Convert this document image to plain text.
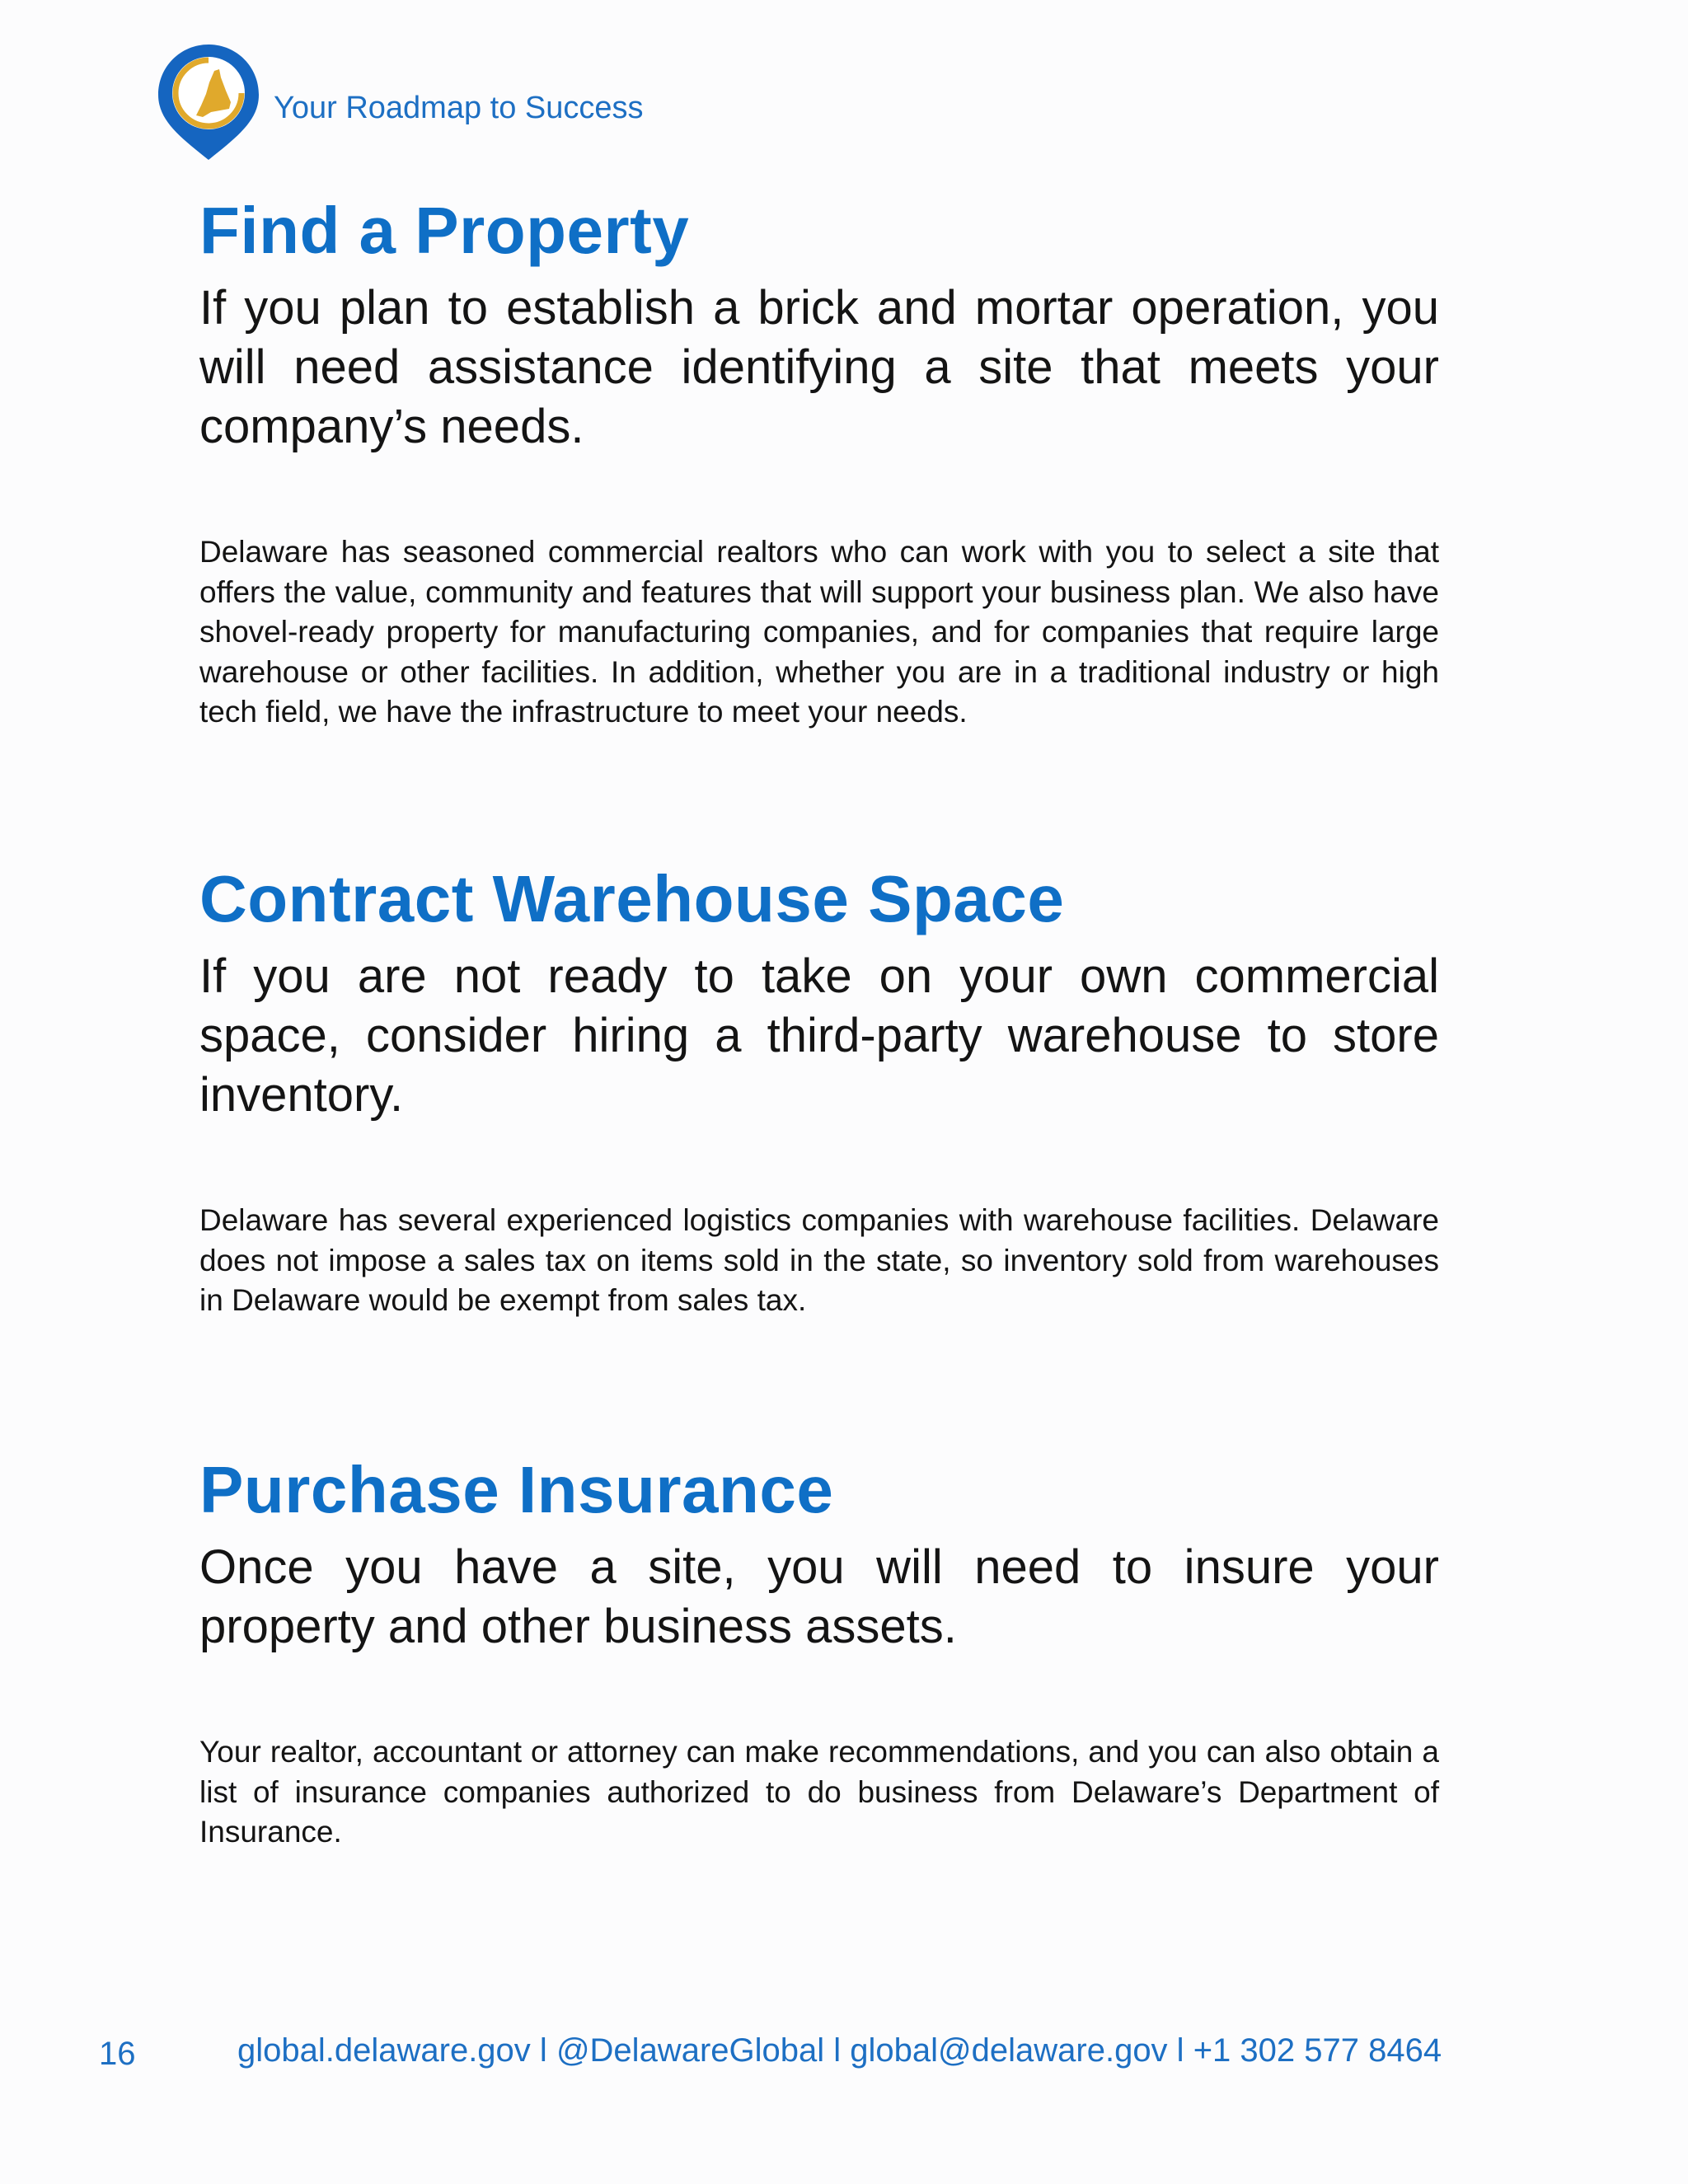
Your Roadmap to Success
Find a Property

If you plan to establish a brick and mortar operation, you will need assistance identifying a site that meets your company’s needs.

Delaware has seasoned commercial realtors who can work with you to select a site that offers the value, community and features that will support your business plan. We also have shovel-ready property for manufacturing companies, and for companies that require large warehouse or other facilities. In addition, whether you are in a traditional industry or high tech field, we have the infrastructure to meet your needs.

Contract Warehouse Space

If you are not ready to take on your own commercial space, consider hiring a third-party warehouse to store inventory.

Delaware has several experienced logistics companies with warehouse facilities. Delaware does not impose a sales tax on items sold in the state, so inventory sold from warehouses in Delaware would be exempt from sales tax.

Purchase Insurance

Once you have a site, you will need to insure your property and other business assets.

Your realtor, accountant or attorney can make recommendations, and you can also obtain a list of insurance companies authorized to do business from Delaware’s Department of Insurance.

16	global.delaware.gov l @DelawareGlobal l global@delaware.gov l +1 302 577 8464
